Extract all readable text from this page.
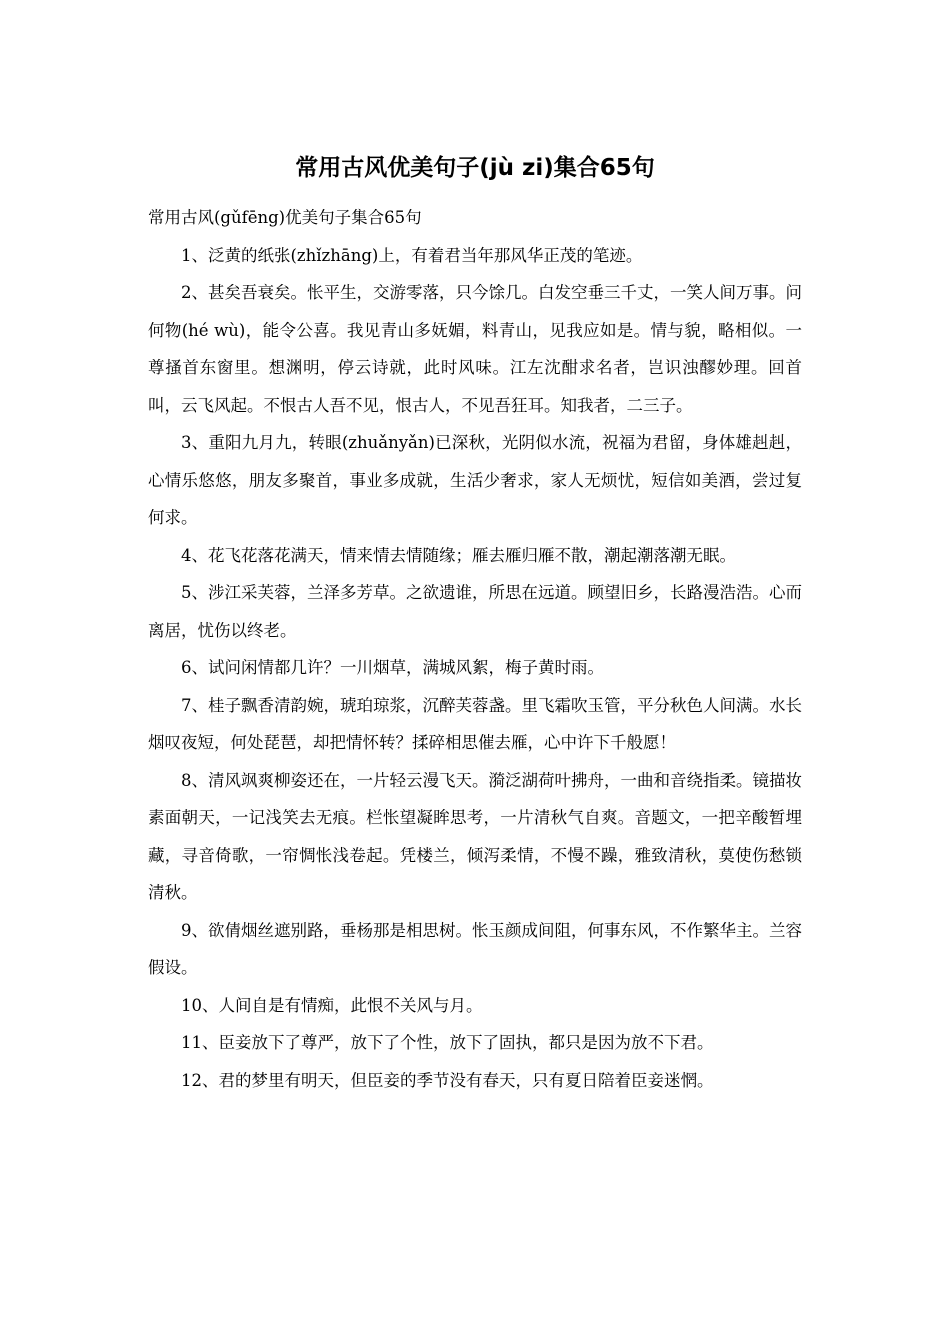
常用古风优美句子(jù zi)集合65句

常用古风(gǔfēng)优美句子集合65句

1、泛黄的纸张(zhǐzhāng)上，有着君当年那风华正茂的笔迹。

2、甚矣吾衰矣。怅平生，交游零落，只今馀几。白发空垂三千丈，一笑人间万事。问何物(hé wù)，能令公喜。我见青山多妩媚，料青山，见我应如是。情与貌，略相似。一尊搔首东窗里。想渊明，停云诗就，此时风味。江左沈酣求名者，岂识浊醪妙理。回首叫，云飞风起。不恨古人吾不见，恨古人，不见吾狂耳。知我者，二三子。

3、重阳九月九，转眼(zhuǎnyǎn)已深秋，光阴似水流，祝福为君留，身体雄赳赳，心情乐悠悠，朋友多聚首，事业多成就，生活少奢求，家人无烦忧，短信如美酒，尝过复何求。

4、花飞花落花满天，情来情去情随缘；雁去雁归雁不散，潮起潮落潮无眠。

5、涉江采芙蓉，兰泽多芳草。之欲遗谁，所思在远道。顾望旧乡，长路漫浩浩。心而离居，忧伤以终老。

6、试问闲情都几许？一川烟草，满城风絮，梅子黄时雨。

7、桂子飘香清韵婉，琥珀琼浆，沉醉芙蓉盏。里飞霜吹玉管，平分秋色人间满。水长烟叹夜短，何处琵琶，却把情怀转？揉碎相思催去雁，心中许下千般愿！

8、清风飒爽柳姿还在，一片轻云漫飞天。漪泛湖荷叶拂舟，一曲和音绕指柔。镜描妆素面朝天，一记浅笑去无痕。栏怅望凝眸思考，一片清秋气自爽。音题文，一把辛酸暂埋藏，寻音倚歌，一帘惆怅浅卷起。凭楼兰，倾泻柔情，不慢不躁，雅致清秋，莫使伤愁锁清秋。

9、欲倩烟丝遮别路，垂杨那是相思树。怅玉颜成间阻，何事东风，不作繁华主。兰容假设。

10、人间自是有情痴，此恨不关风与月。

11、臣妾放下了尊严，放下了个性，放下了固执，都只是因为放不下君。

12、君的梦里有明天，但臣妾的季节没有春天，只有夏日陪着臣妾迷惘。
